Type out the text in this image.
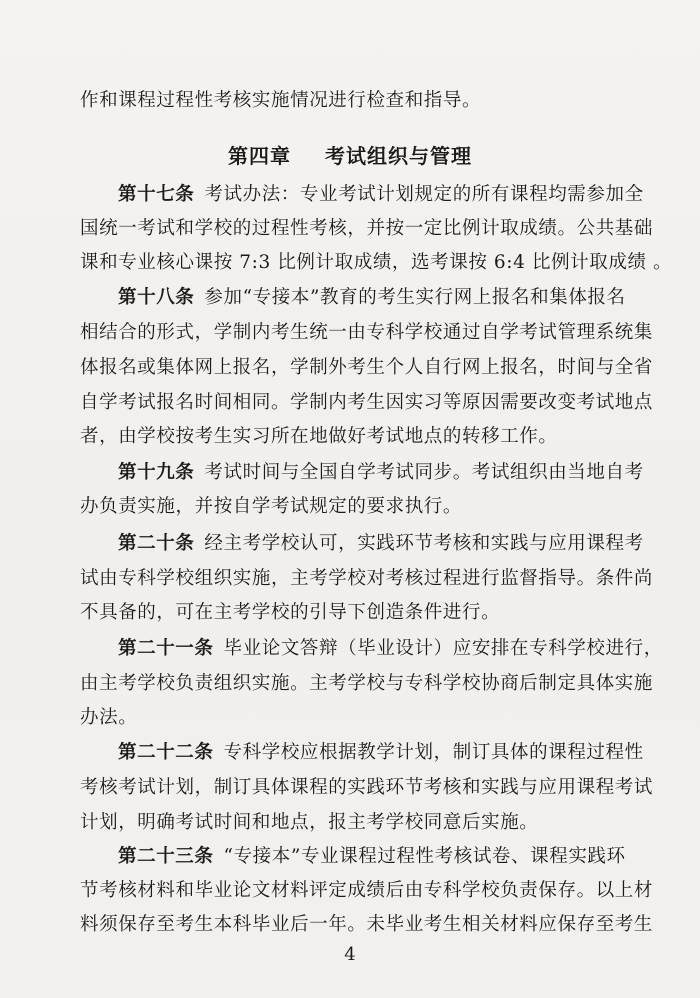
作和课程过程性考核实施情况进行检查和指导。
第四章 考试组织与管理
第十七条 考试办法：专业考试计划规定的所有课程均需参加全
国统一考试和学校的过程性考核，并按一定比例计取成绩。公共基础
课和专业核心课按 7:3 比例计取成绩，选考课按 6:4 比例计取成绩 。
第十八条 参加“专接本”教育的考生实行网上报名和集体报名
相结合的形式，学制内考生统一由专科学校通过自学考试管理系统集
体报名或集体网上报名，学制外考生个人自行网上报名，时间与全省
自学考试报名时间相同。学制内考生因实习等原因需要改变考试地点
者，由学校按考生实习所在地做好考试地点的转移工作。
第十九条 考试时间与全国自学考试同步。考试组织由当地自考
办负责实施，并按自学考试规定的要求执行。
第二十条 经主考学校认可，实践环节考核和实践与应用课程考
试由专科学校组织实施，主考学校对考核过程进行监督指导。条件尚
不具备的，可在主考学校的引导下创造条件进行。
第二十一条 毕业论文答辩（毕业设计）应安排在专科学校进行，
由主考学校负责组织实施。主考学校与专科学校协商后制定具体实施
办法。
第二十二条 专科学校应根据教学计划，制订具体的课程过程性
考核考试计划，制订具体课程的实践环节考核和实践与应用课程考试
计划，明确考试时间和地点，报主考学校同意后实施。
第二十三条 “专接本”专业课程过程性考核试卷、课程实践环
节考核材料和毕业论文材料评定成绩后由专科学校负责保存。以上材
料须保存至考生本科毕业后一年。未毕业考生相关材料应保存至考生
4
